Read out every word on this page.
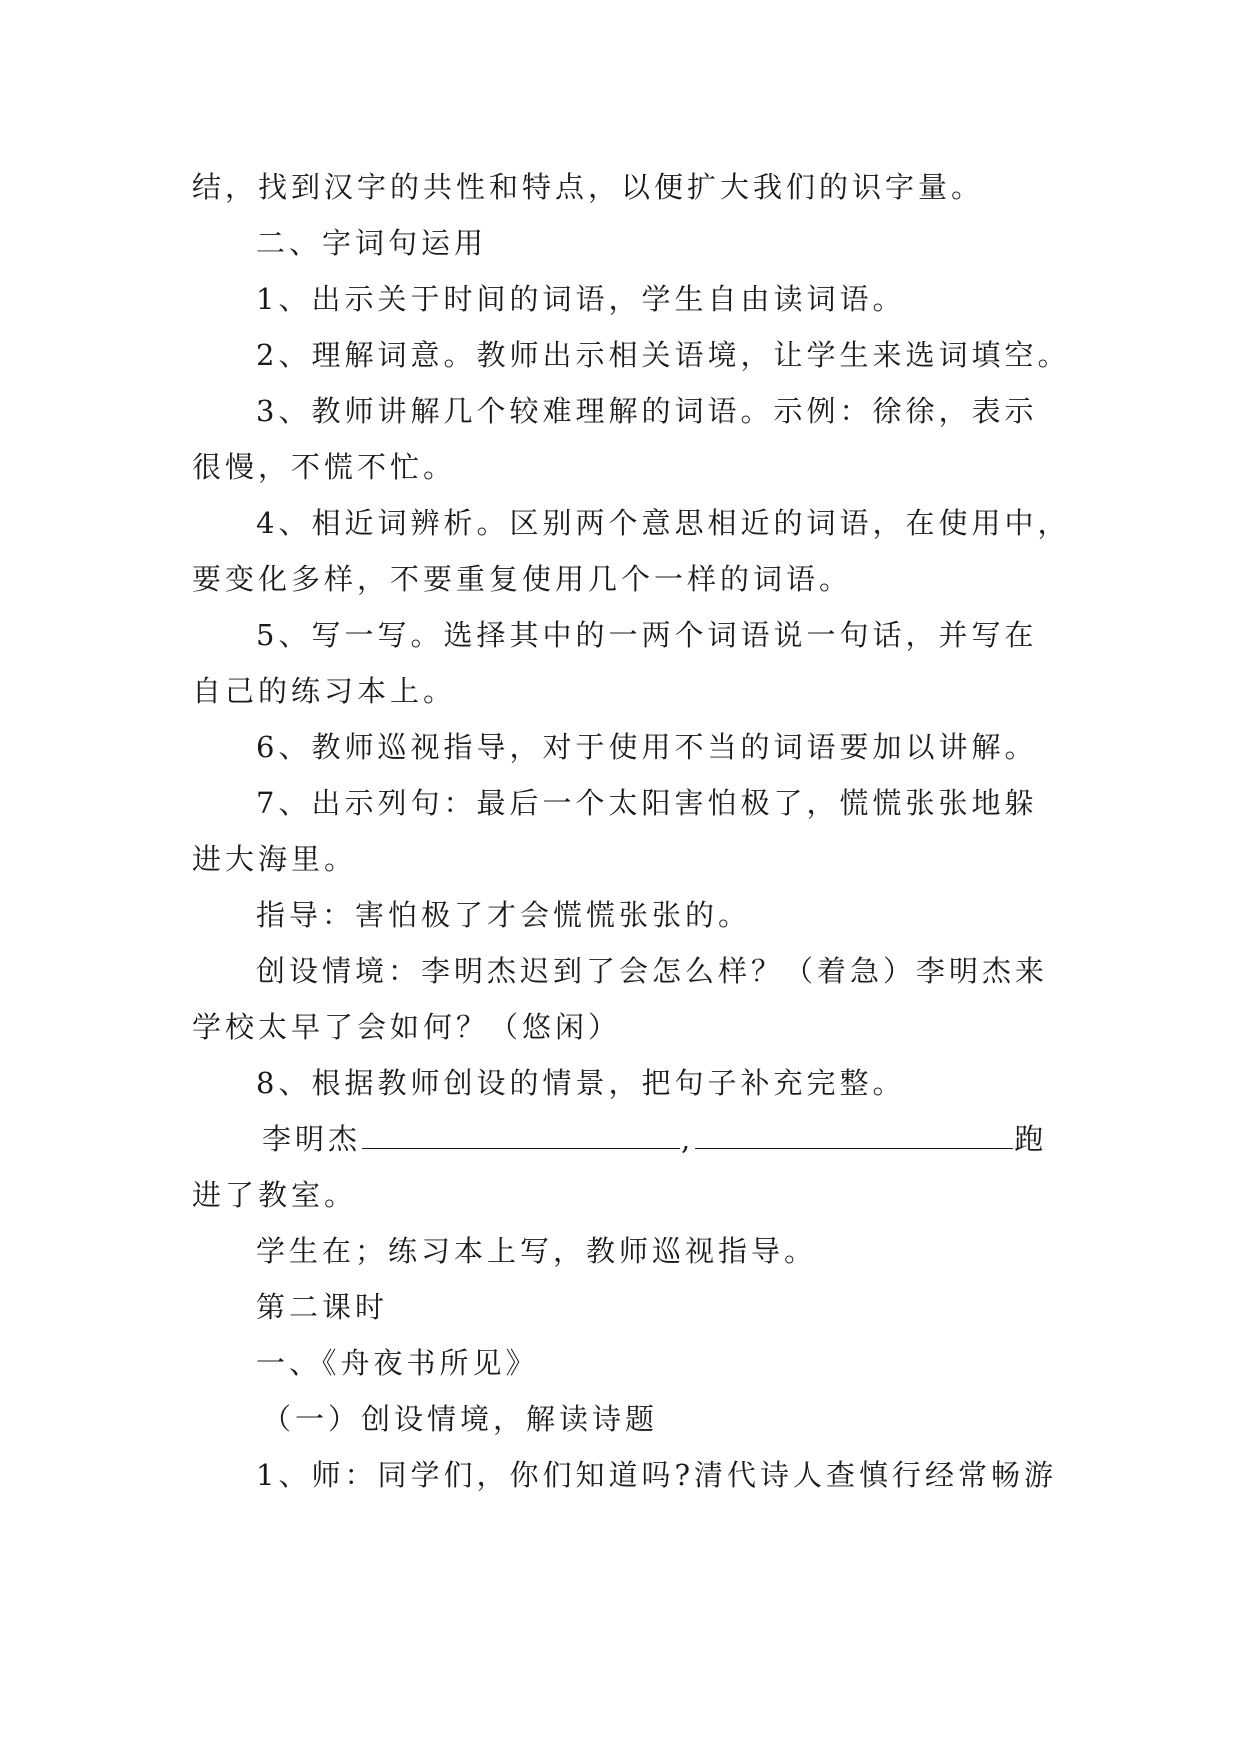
结，找到汉字的共性和特点，以便扩大我们的识字量。
二、字词句运用
1、出示关于时间的词语，学生自由读词语。
2、理解词意。教师出示相关语境，让学生来选词填空。
3、教师讲解几个较难理解的词语。示例：徐徐，表示
很慢，不慌不忙。
4、相近词辨析。区别两个意思相近的词语，在使用中，
要变化多样，不要重复使用几个一样的词语。
5、写一写。选择其中的一两个词语说一句话，并写在
自己的练习本上。
6、教师巡视指导，对于使用不当的词语要加以讲解。
7、出示列句：最后一个太阳害怕极了，慌慌张张地躲
进大海里。
指导：害怕极了才会慌慌张张的。
创设情境：李明杰迟到了会怎么样？（着急）李明杰来
学校太早了会如何？（悠闲）
8、根据教师创设的情景，把句子补充完整。
李明杰	,	跑
进了教室。
学生在；练习本上写，教师巡视指导。
第二课时
一、《舟夜书所见》
（一）创设情境，解读诗题
1、师：同学们，你们知道吗?清代诗人查慎行经常畅游
